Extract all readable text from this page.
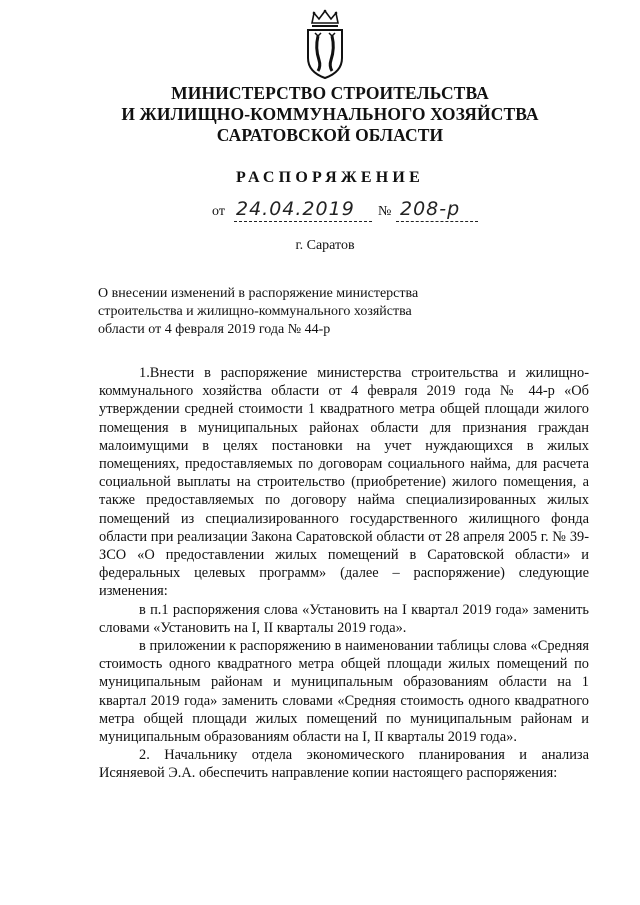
МИНИСТЕРСТВО СТРОИТЕЛЬСТВА
И ЖИЛИЩНО-КОММУНАЛЬНОГО ХОЗЯЙСТВА
САРАТОВСКОЙ ОБЛАСТИ
РАСПОРЯЖЕНИЕ
от 24.04.2019 № 208-р
г. Саратов
О внесении изменений в распоряжение министерства
строительства и жилищно-коммунального хозяйства
области от 4 февраля 2019 года № 44-р

1.Внести в распоряжение министерства строительства и жилищно-коммунального хозяйства области от 4 февраля 2019 года № 44-р «Об утверждении средней стоимости 1 квадратного метра общей площади жилого помещения в муниципальных районах области для признания граждан малоимущими в целях постановки на учет нуждающихся в жилых помещениях, предоставляемых по договорам социального найма, для расчета социальной выплаты на строительство (приобретение) жилого помещения, а также предоставляемых по договору найма специализированных жилых помещений из специализированного государственного жилищного фонда области при реализации Закона Саратовской области от 28 апреля 2005 г. № 39-ЗСО «О предоставлении жилых помещений в Саратовской области» и федеральных целевых программ» (далее – распоряжение) следующие изменения:

в п.1 распоряжения слова «Установить на I квартал 2019 года» заменить словами «Установить на I, II кварталы 2019 года».

в приложении к распоряжению в наименовании таблицы слова «Средняя стоимость одного квадратного метра общей площади жилых помещений по муниципальным районам и муниципальным образованиям области на 1 квартал 2019 года» заменить словами «Средняя стоимость одного квадратного метра общей площади жилых помещений по муниципальным районам и муниципальным образованиям области на I, II кварталы 2019 года».

2. Начальнику отдела экономического планирования и анализа Исяняевой Э.А. обеспечить направление копии настоящего распоряжения:
